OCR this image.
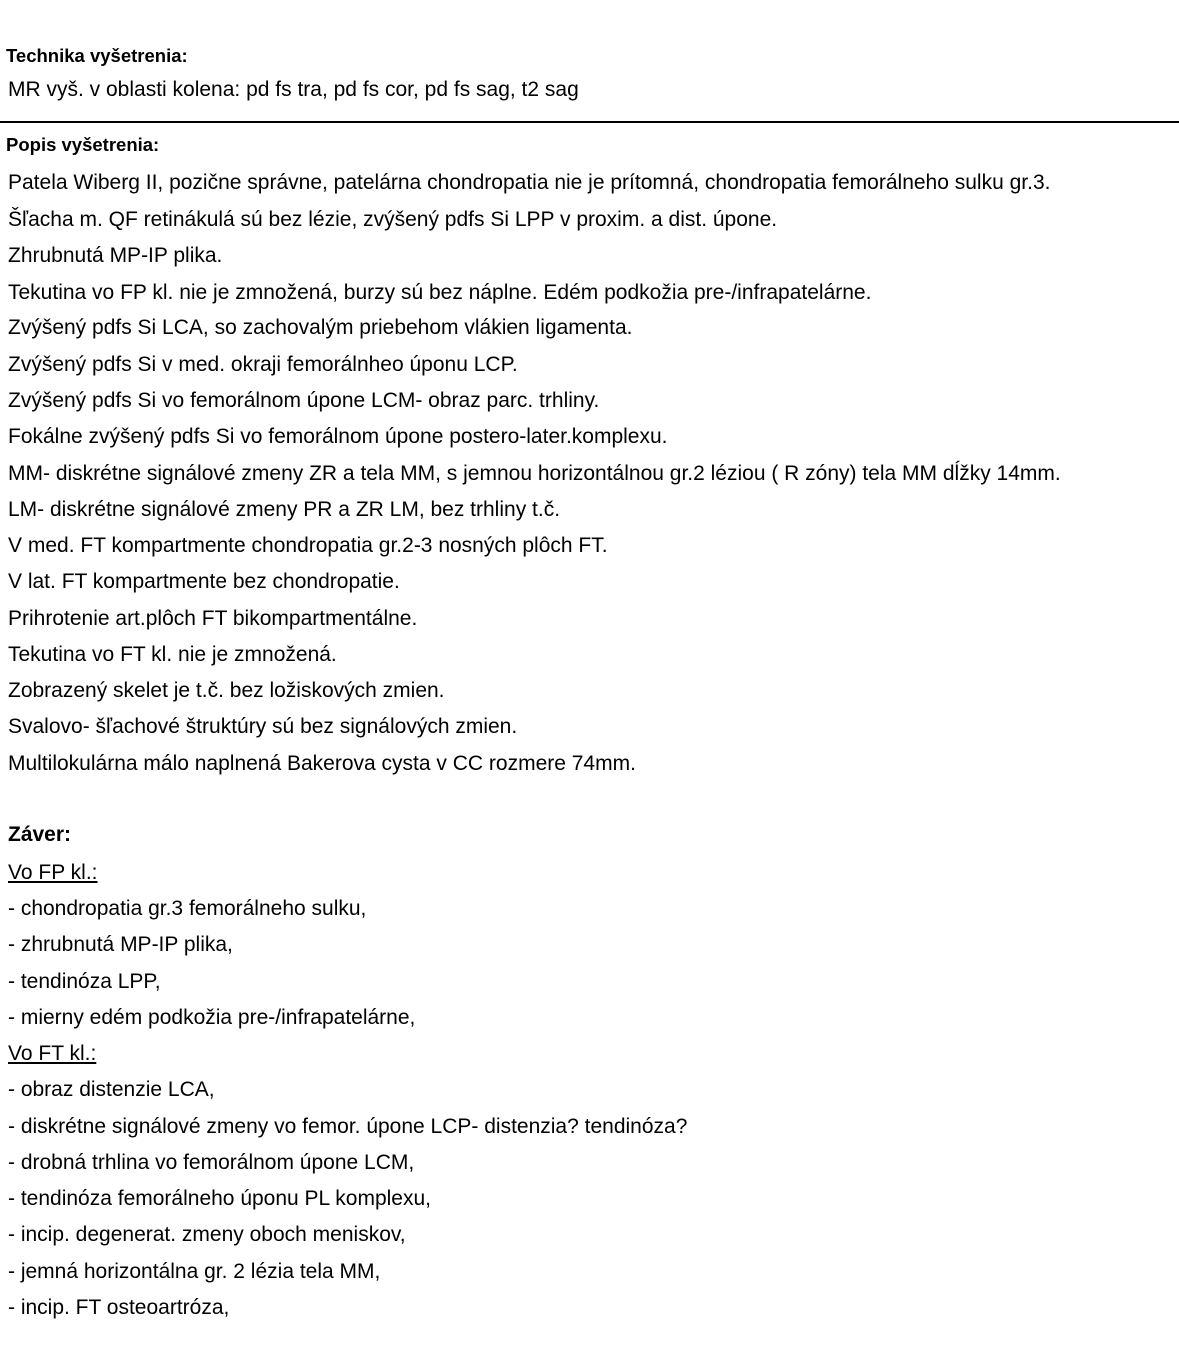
Technika vyšetrenia:
MR vyš. v oblasti kolena: pd fs tra, pd fs cor, pd fs sag, t2 sag
Popis vyšetrenia:
Patela Wiberg II, pozične správne, patelárna chondropatia nie je prítomná, chondropatia femorálneho sulku gr.3.
Šľacha m. QF retinákulá sú bez lézie, zvýšený pdfs Si LPP v proxim. a dist. úpone.
Zhrubnutá MP-IP plika.
Tekutina vo FP kl. nie je zmnožená, burzy sú bez náplne. Edém podkožia pre-/infrapatelárne.
Zvýšený pdfs Si LCA, so zachovalým priebehom vlákien ligamenta.
Zvýšený pdfs Si v med. okraji femorálnheo úponu LCP.
Zvýšený pdfs Si vo femorálnom úpone LCM- obraz parc. trhliny.
Fokálne zvýšený pdfs Si vo femorálnom úpone postero-later.komplexu.
MM- diskrétne signálové zmeny ZR a tela MM, s jemnou horizontálnou gr.2 léziou ( R zóny) tela MM dĺžky 14mm.
LM- diskrétne signálové zmeny PR a ZR LM, bez trhliny t.č.
V med. FT kompartmente chondropatia gr.2-3 nosných plôch FT.
V lat. FT kompartmente bez chondropatie.
Prihrotenie art.plôch FT bikompartmentálne.
Tekutina vo FT kl. nie je zmnožená.
Zobrazený skelet je t.č. bez ložiskových zmien.
Svalovo- šľachové štruktúry sú bez signálových zmien.
Multilokulárna málo naplnená Bakerova cysta v CC rozmere 74mm.
Záver:
Vo FP kl.:
- chondropatia gr.3 femorálneho sulku,
- zhrubnutá MP-IP plika,
- tendinóza LPP,
- mierny edém podkožia pre-/infrapatelárne,
Vo FT kl.:
- obraz distenzie LCA,
- diskrétne signálové zmeny vo femor. úpone LCP- distenzia? tendinóza?
- drobná trhlina vo femorálnom úpone LCM,
- tendinóza femorálneho úponu PL komplexu,
- incip. degenerat. zmeny oboch meniskov,
- jemná horizontálna gr. 2 lézia tela MM,
- incip. FT osteoartróza,
